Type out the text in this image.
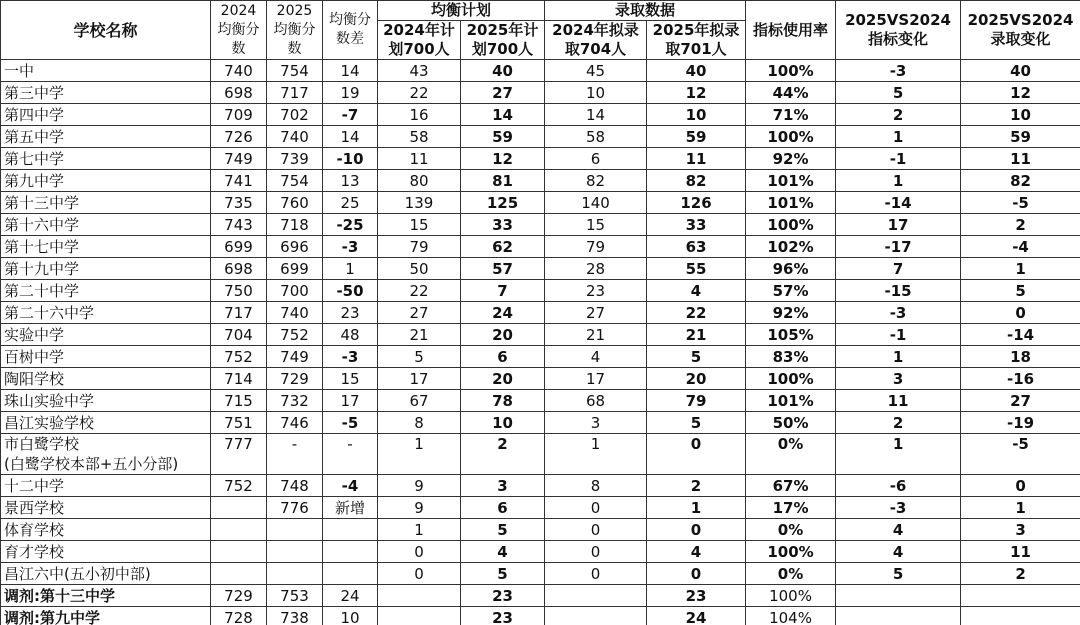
学校名称	2024均衡分数	2025均衡分数	均衡分数差	均衡计划		录取数据		指标使用率	2025VS2024指标变化	2025VS2024录取变化
				2024年计划700人	2025年计划700人	2024年拟录取704人	2025年拟录取701人			
一中	740	754	14	43	40	45	40	100%	-3	40
第三中学	698	717	19	22	27	10	12	44%	5	12
第四中学	709	702	-7	16	14	14	10	71%	2	10
第五中学	726	740	14	58	59	58	59	100%	1	59
第七中学	749	739	-10	11	12	6	11	92%	-1	11
第九中学	741	754	13	80	81	82	82	101%	1	82
第十三中学	735	760	25	139	125	140	126	101%	-14	-5
第十六中学	743	718	-25	15	33	15	33	100%	17	2
第十七中学	699	696	-3	79	62	79	63	102%	-17	-4
第十九中学	698	699	1	50	57	28	55	96%	7	1
第二十中学	750	700	-50	22	7	23	4	57%	-15	5
第二十六中学	717	740	23	27	24	27	22	92%	-3	0
实验中学	704	752	48	21	20	21	21	105%	-1	-14
百树中学	752	749	-3	5	6	4	5	83%	1	18
陶阳学校	714	729	15	17	20	17	20	100%	3	-16
珠山实验中学	715	732	17	67	78	68	79	101%	11	27
昌江实验学校	751	746	-5	8	10	3	5	50%	2	-19

市白鹭学校
(白鹭学校本部+五小分部)	777	-	-	1	2	1	0	0%	1	-5
十二中学	752	748	-4	9	3	8	2	67%	-6	0
景西学校		776	新增	9	6	0	1	17%	-3	1
体育学校				1	5	0	0	0%	4	3
育才学校				0	4	0	4	100%	4	11
昌江六中(五小初中部)				0	5	0	0	0%	5	2
调剂:第十三中学	729	753	24		23		23	100%		
调剂:第九中学	728	738	10		23		24	104%		
